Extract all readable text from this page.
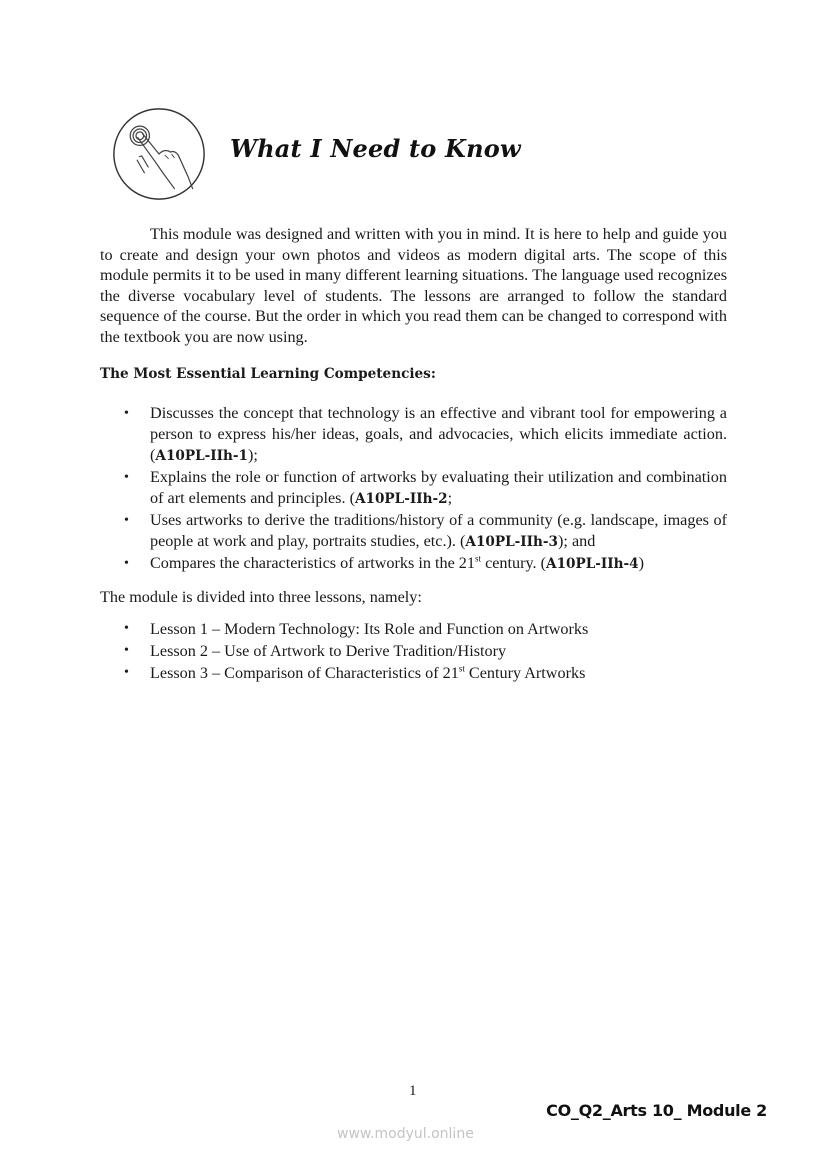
What I Need to Know

This module was designed and written with you in mind. It is here to help and guide you to create and design your own photos and videos as modern digital arts. The scope of this module permits it to be used in many different learning situations. The language used recognizes the diverse vocabulary level of students. The lessons are arranged to follow the standard sequence of the course. But the order in which you read them can be changed to correspond with the textbook you are now using.

The Most Essential Learning Competencies:
• Discusses the concept that technology is an effective and vibrant tool for empowering a person to express his/her ideas, goals, and advocacies, which elicits immediate action. (A10PL-IIh-1);
• Explains the role or function of artworks by evaluating their utilization and combination of art elements and principles. (A10PL-IIh-2;
• Uses artworks to derive the traditions/history of a community (e.g. landscape, images of people at work and play, portraits studies, etc.). (A10PL-IIh-3); and
• Compares the characteristics of artworks in the 21st century. (A10PL-IIh-4)
The module is divided into three lessons, namely:
• Lesson 1 – Modern Technology: Its Role and Function on Artworks
• Lesson 2 – Use of Artwork to Derive Tradition/History
• Lesson 3 – Comparison of Characteristics of 21st Century Artworks
1
CO_Q2_Arts 10_ Module 2
www.modyul.online
